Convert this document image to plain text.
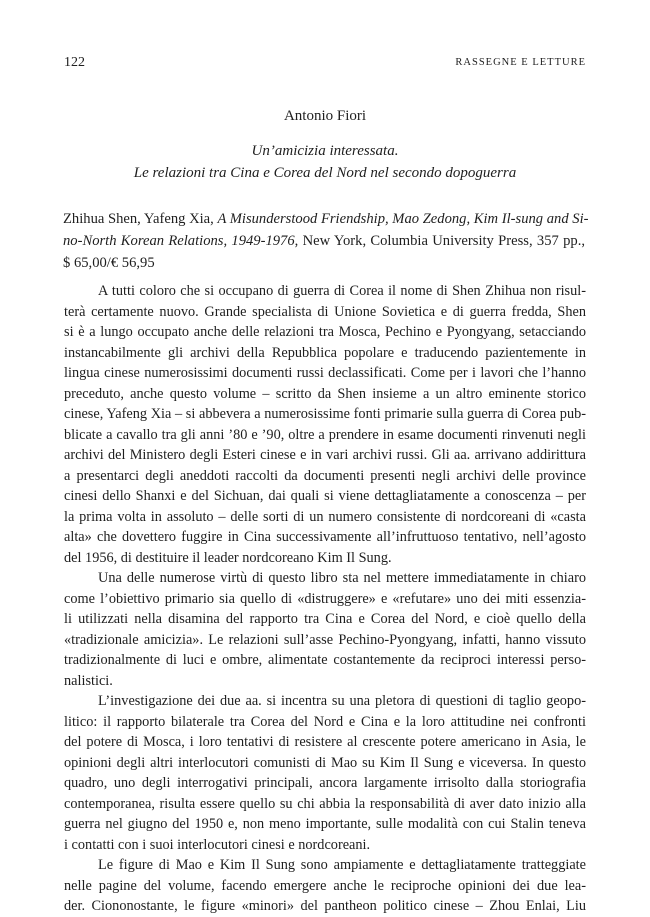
122	RASSEGNE E LETTURE
Antonio Fiori
Un’amicizia interessata.
Le relazioni tra Cina e Corea del Nord nel secondo dopoguerra
Zhihua Shen, Yafeng Xia, A Misunderstood Friendship, Mao Zedong, Kim Il-sung and Si-
no-North Korean Relations, 1949-1976, New York, Columbia University Press, 357 pp.,
$ 65,00/€ 56,95

A tutti coloro che si occupano di guerra di Corea il nome di Shen Zhihua non risul-
terà certamente nuovo. Grande specialista di Unione Sovietica e di guerra fredda, Shen
si è a lungo occupato anche delle relazioni tra Mosca, Pechino e Pyongyang, setacciando
instancabilmente gli archivi della Repubblica popolare e traducendo pazientemente in
lingua cinese numerosissimi documenti russi declassificati. Come per i lavori che l’hanno
preceduto, anche questo volume – scritto da Shen insieme a un altro eminente storico
cinese, Yafeng Xia – si abbevera a numerosissime fonti primarie sulla guerra di Corea pub-
blicate a cavallo tra gli anni ’80 e ’90, oltre a prendere in esame documenti rinvenuti negli
archivi del Ministero degli Esteri cinese e in vari archivi russi. Gli aa. arrivano addirittura
a presentarci degli aneddoti raccolti da documenti presenti negli archivi delle province
cinesi dello Shanxi e del Sichuan, dai quali si viene dettagliatamente a conoscenza – per
la prima volta in assoluto – delle sorti di un numero consistente di nordcoreani di «casta
alta» che dovettero fuggire in Cina successivamente all’infruttuoso tentativo, nell’agosto
del 1956, di destituire il leader nordcoreano Kim Il Sung.

Una delle numerose virtù di questo libro sta nel mettere immediatamente in chiaro
come l’obiettivo primario sia quello di «distruggere» e «refutare» uno dei miti essenzia-
li utilizzati nella disamina del rapporto tra Cina e Corea del Nord, e cioè quello della
«tradizionale amicizia». Le relazioni sull’asse Pechino-Pyongyang, infatti, hanno vissuto
tradizionalmente di luci e ombre, alimentate costantemente da reciproci interessi perso-
nalistici.

L’investigazione dei due aa. si incentra su una pletora di questioni di taglio geopo-
litico: il rapporto bilaterale tra Corea del Nord e Cina e la loro attitudine nei confronti
del potere di Mosca, i loro tentativi di resistere al crescente potere americano in Asia, le
opinioni degli altri interlocutori comunisti di Mao su Kim Il Sung e viceversa. In questo
quadro, uno degli interrogativi principali, ancora largamente irrisolto dalla storiografia
contemporanea, risulta essere quello su chi abbia la responsabilità di aver dato inizio alla
guerra nel giugno del 1950 e, non meno importante, sulle modalità con cui Stalin teneva
i contatti con i suoi interlocutori cinesi e nordcoreani.

Le figure di Mao e Kim Il Sung sono ampiamente e dettagliatamente tratteggiate
nelle pagine del volume, facendo emergere anche le reciproche opinioni dei due lea-
der. Ciononostante, le figure «minori» del pantheon politico cinese – Zhou Enlai, Liu
